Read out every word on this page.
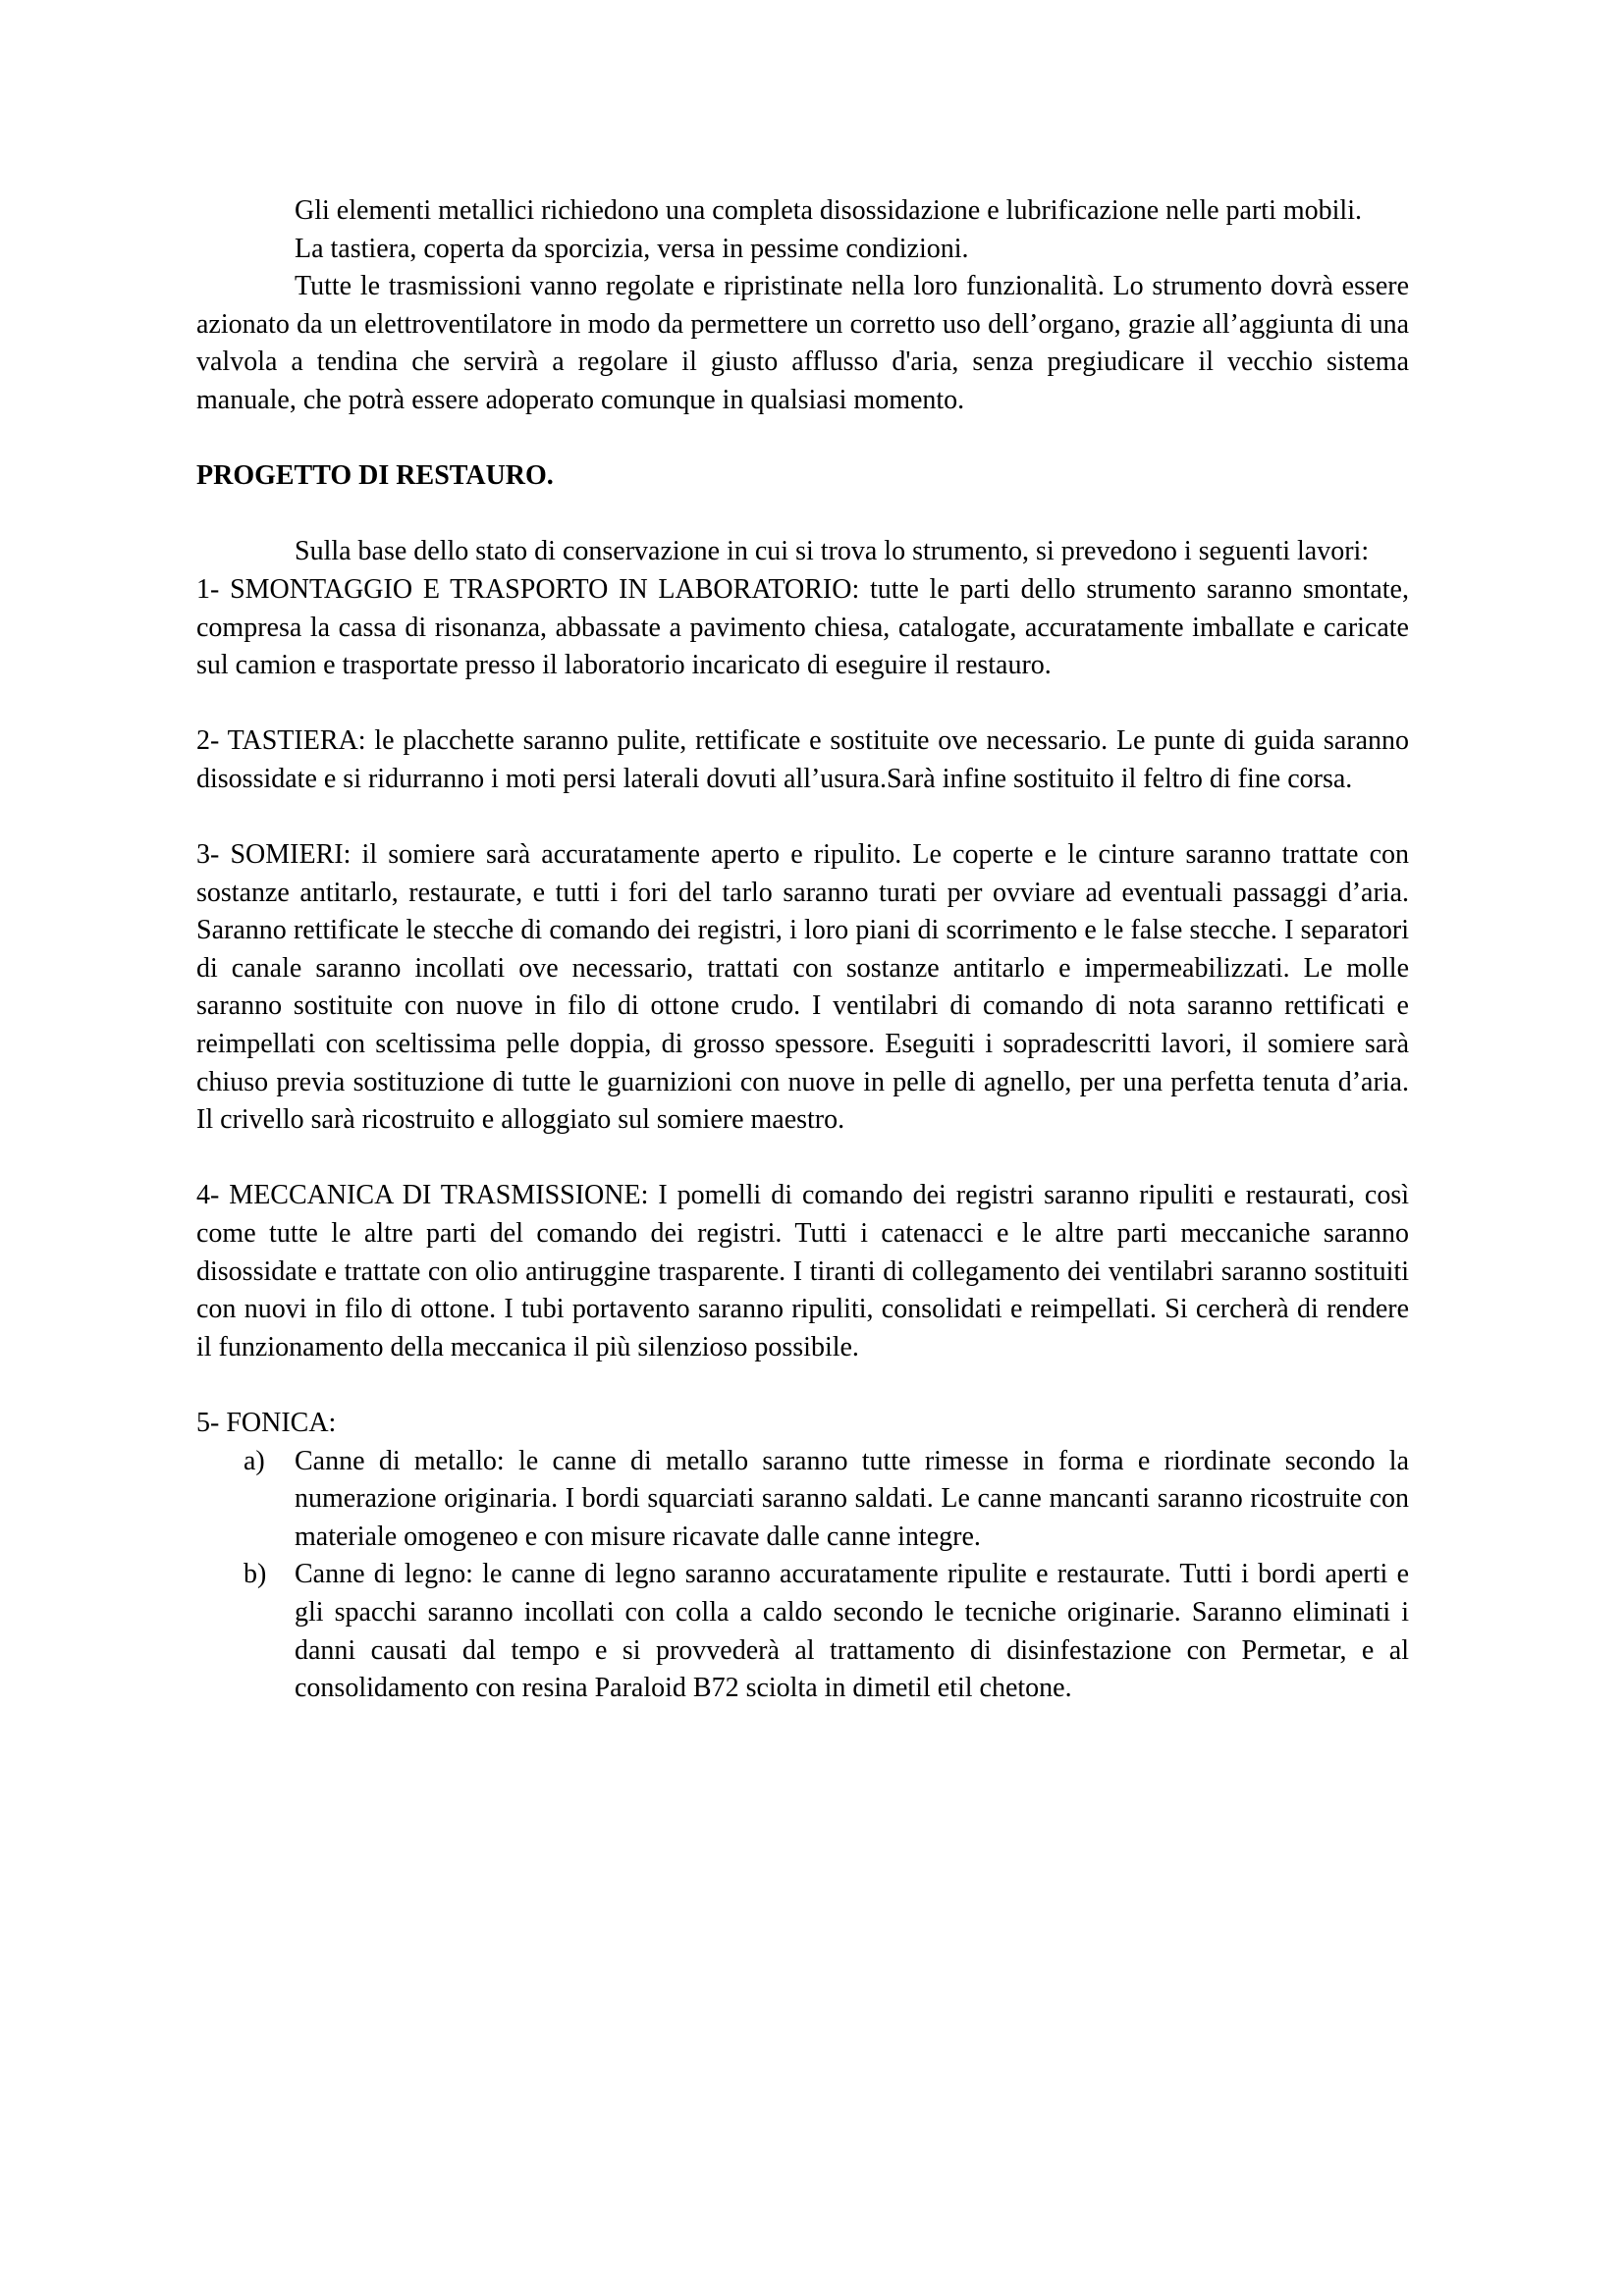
Gli elementi metallici richiedono una completa disossidazione e lubrificazione nelle parti mobili.

La tastiera, coperta da sporcizia, versa in pessime condizioni.

Tutte le trasmissioni vanno regolate e ripristinate nella loro funzionalità. Lo strumento dovrà essere azionato da un elettroventilatore in modo da permettere un corretto uso dell’organo, grazie all’aggiunta di una valvola a tendina che servirà a regolare il giusto afflusso d'aria, senza pregiudicare il vecchio sistema manuale, che potrà essere adoperato comunque in qualsiasi momento.

PROGETTO DI RESTAURO.

Sulla base dello stato di conservazione in cui si trova lo strumento, si prevedono i seguenti lavori:

1- SMONTAGGIO E TRASPORTO IN LABORATORIO: tutte le parti dello strumento saranno smontate, compresa la cassa di risonanza, abbassate a pavimento chiesa, catalogate, accuratamente imballate e caricate sul camion e trasportate presso il laboratorio incaricato di eseguire il restauro.

2- TASTIERA: le placchette saranno pulite, rettificate e sostituite ove necessario. Le punte di guida saranno disossidate e si ridurranno i moti persi laterali dovuti all’usura.Sarà infine sostituito il feltro di fine corsa.

3- SOMIERI: il somiere sarà accuratamente aperto e ripulito. Le coperte e le cinture saranno trattate con sostanze antitarlo, restaurate, e tutti i fori del tarlo saranno turati per ovviare ad eventuali passaggi d’aria. Saranno rettificate le stecche di comando dei registri, i loro piani di scorrimento e le false stecche. I separatori di canale saranno incollati ove necessario, trattati con sostanze antitarlo e impermeabilizzati. Le molle saranno sostituite con nuove in filo di ottone crudo. I ventilabri di comando di nota saranno rettificati e reimpellati con sceltissima pelle doppia, di grosso spessore. Eseguiti i sopradescritti lavori, il somiere sarà chiuso previa sostituzione di tutte le guarnizioni con nuove in pelle di agnello, per una perfetta tenuta d’aria. Il crivello sarà ricostruito e alloggiato sul somiere maestro.

4- MECCANICA DI TRASMISSIONE: I pomelli di comando dei registri saranno ripuliti e restaurati, così come tutte le altre parti del comando dei registri. Tutti i catenacci e le altre parti meccaniche saranno disossidate e trattate con olio antiruggine trasparente. I tiranti di collegamento dei ventilabri saranno sostituiti con nuovi in filo di ottone. I tubi portavento saranno ripuliti, consolidati e reimpellati. Si cercherà di rendere il funzionamento della meccanica il più silenzioso possibile.

5- FONICA:

a) Canne di metallo: le canne di metallo saranno tutte rimesse in forma e riordinate secondo la numerazione originaria. I bordi squarciati saranno saldati. Le canne mancanti saranno ricostruite con materiale omogeneo e con misure ricavate dalle canne integre.
b) Canne di legno: le canne di legno saranno accuratamente ripulite e restaurate. Tutti i bordi aperti e gli spacchi saranno incollati con colla a caldo secondo le tecniche originarie. Saranno eliminati i danni causati dal tempo e si provvederà al trattamento di disinfestazione con Permetar, e al consolidamento con resina Paraloid B72 sciolta in dimetil etil chetone.
